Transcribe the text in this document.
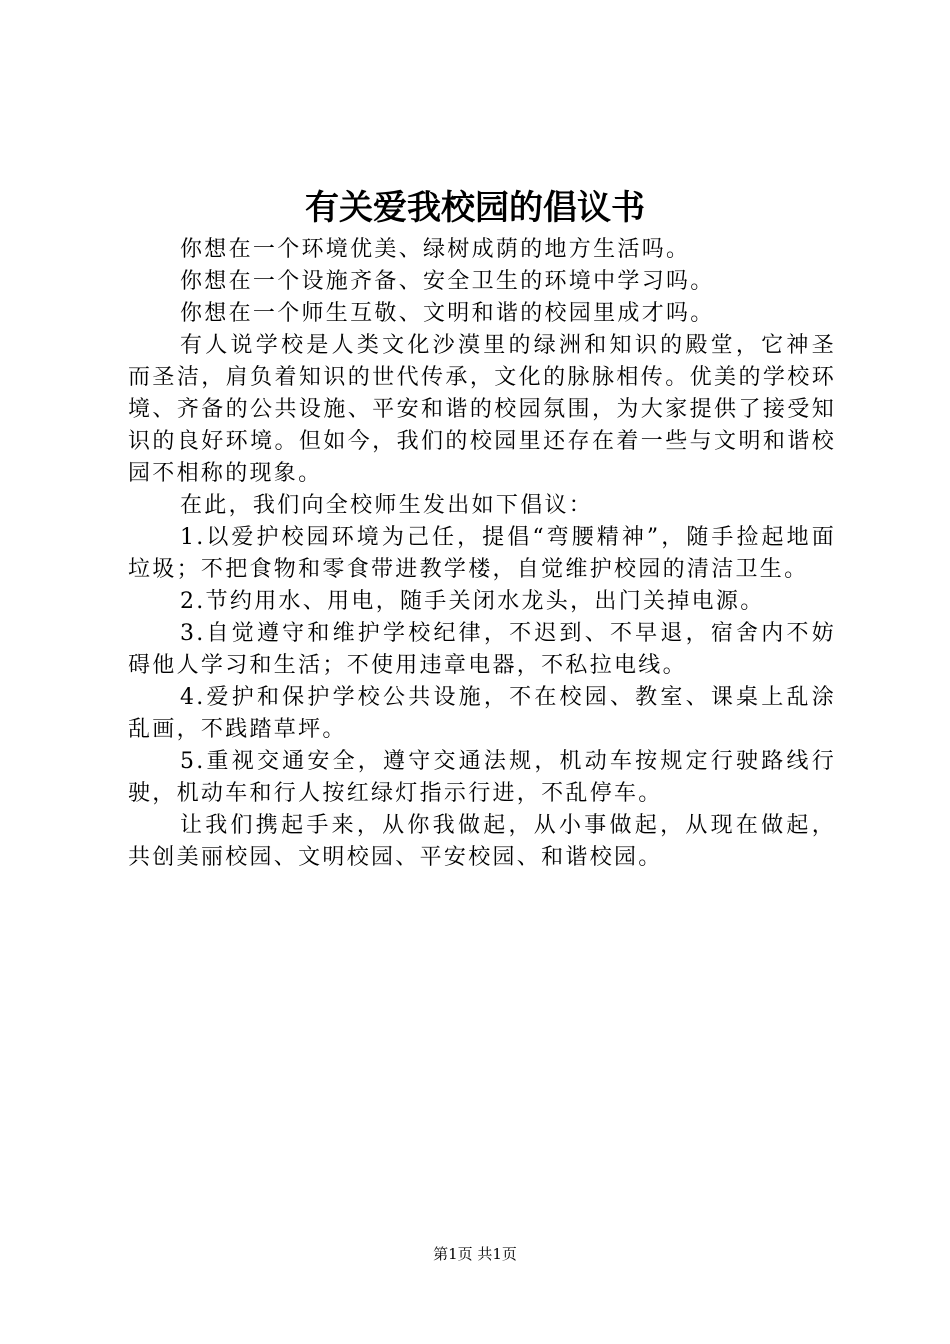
有关爱我校园的倡议书

你想在一个环境优美、绿树成荫的地方生活吗。

你想在一个设施齐备、安全卫生的环境中学习吗。

你想在一个师生互敬、文明和谐的校园里成才吗。

有人说学校是人类文化沙漠里的绿洲和知识的殿堂，它神圣而圣洁，肩负着知识的世代传承，文化的脉脉相传。优美的学校环境、齐备的公共设施、平安和谐的校园氛围，为大家提供了接受知识的良好环境。但如今，我们的校园里还存在着一些与文明和谐校园不相称的现象。

在此，我们向全校师生发出如下倡议：

1.以爱护校园环境为己任，提倡“弯腰精神”，随手捡起地面垃圾；不把食物和零食带进教学楼，自觉维护校园的清洁卫生。

2.节约用水、用电，随手关闭水龙头，出门关掉电源。

3.自觉遵守和维护学校纪律，不迟到、不早退，宿舍内不妨碍他人学习和生活；不使用违章电器，不私拉电线。

4.爱护和保护学校公共设施，不在校园、教室、课桌上乱涂乱画，不践踏草坪。

5.重视交通安全，遵守交通法规，机动车按规定行驶路线行驶，机动车和行人按红绿灯指示行进，不乱停车。

让我们携起手来，从你我做起，从小事做起，从现在做起，共创美丽校园、文明校园、平安校园、和谐校园。

第1页 共1页
